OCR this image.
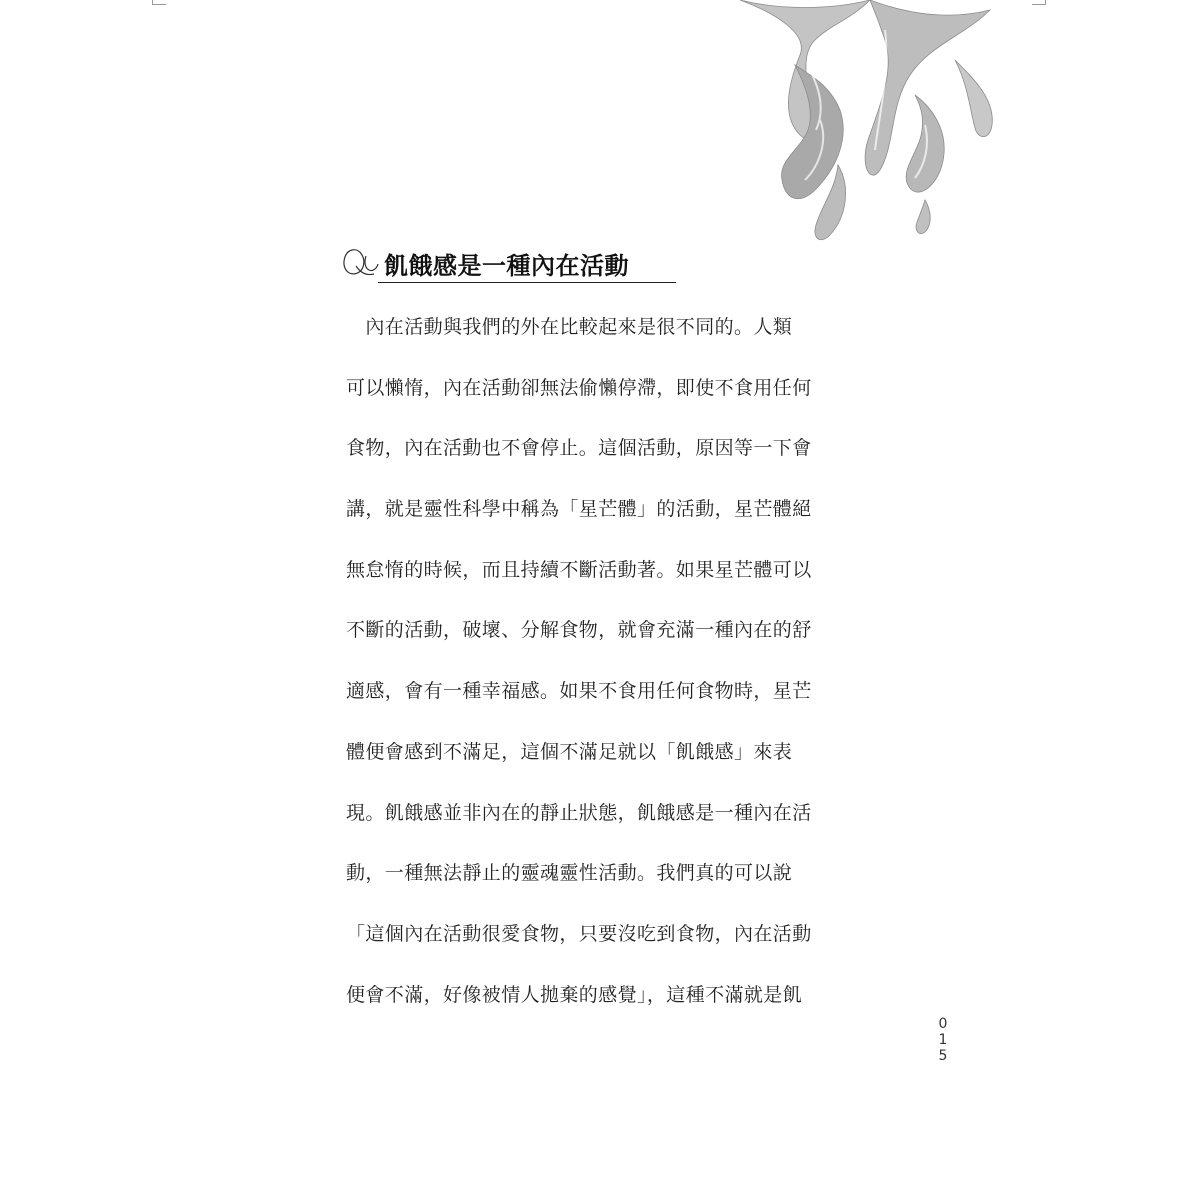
飢餓感是一種內在活動
　內在活動與我們的外在比較起來是很不同的。人類
可以懶惰，內在活動卻無法偷懶停滯，即使不食用任何
食物，內在活動也不會停止。這個活動，原因等一下會
講，就是靈性科學中稱為「星芒體」的活動，星芒體絕
無怠惰的時候，而且持續不斷活動著。如果星芒體可以
不斷的活動，破壞、分解食物，就會充滿一種內在的舒
適感，會有一種幸福感。如果不食用任何食物時，星芒
體便會感到不滿足，這個不滿足就以「飢餓感」來表
現。飢餓感並非內在的靜止狀態，飢餓感是一種內在活
動，一種無法靜止的靈魂靈性活動。我們真的可以說
「這個內在活動很愛食物，只要沒吃到食物，內在活動
便會不滿，好像被情人拋棄的感覺」，這種不滿就是飢
0
1
5
